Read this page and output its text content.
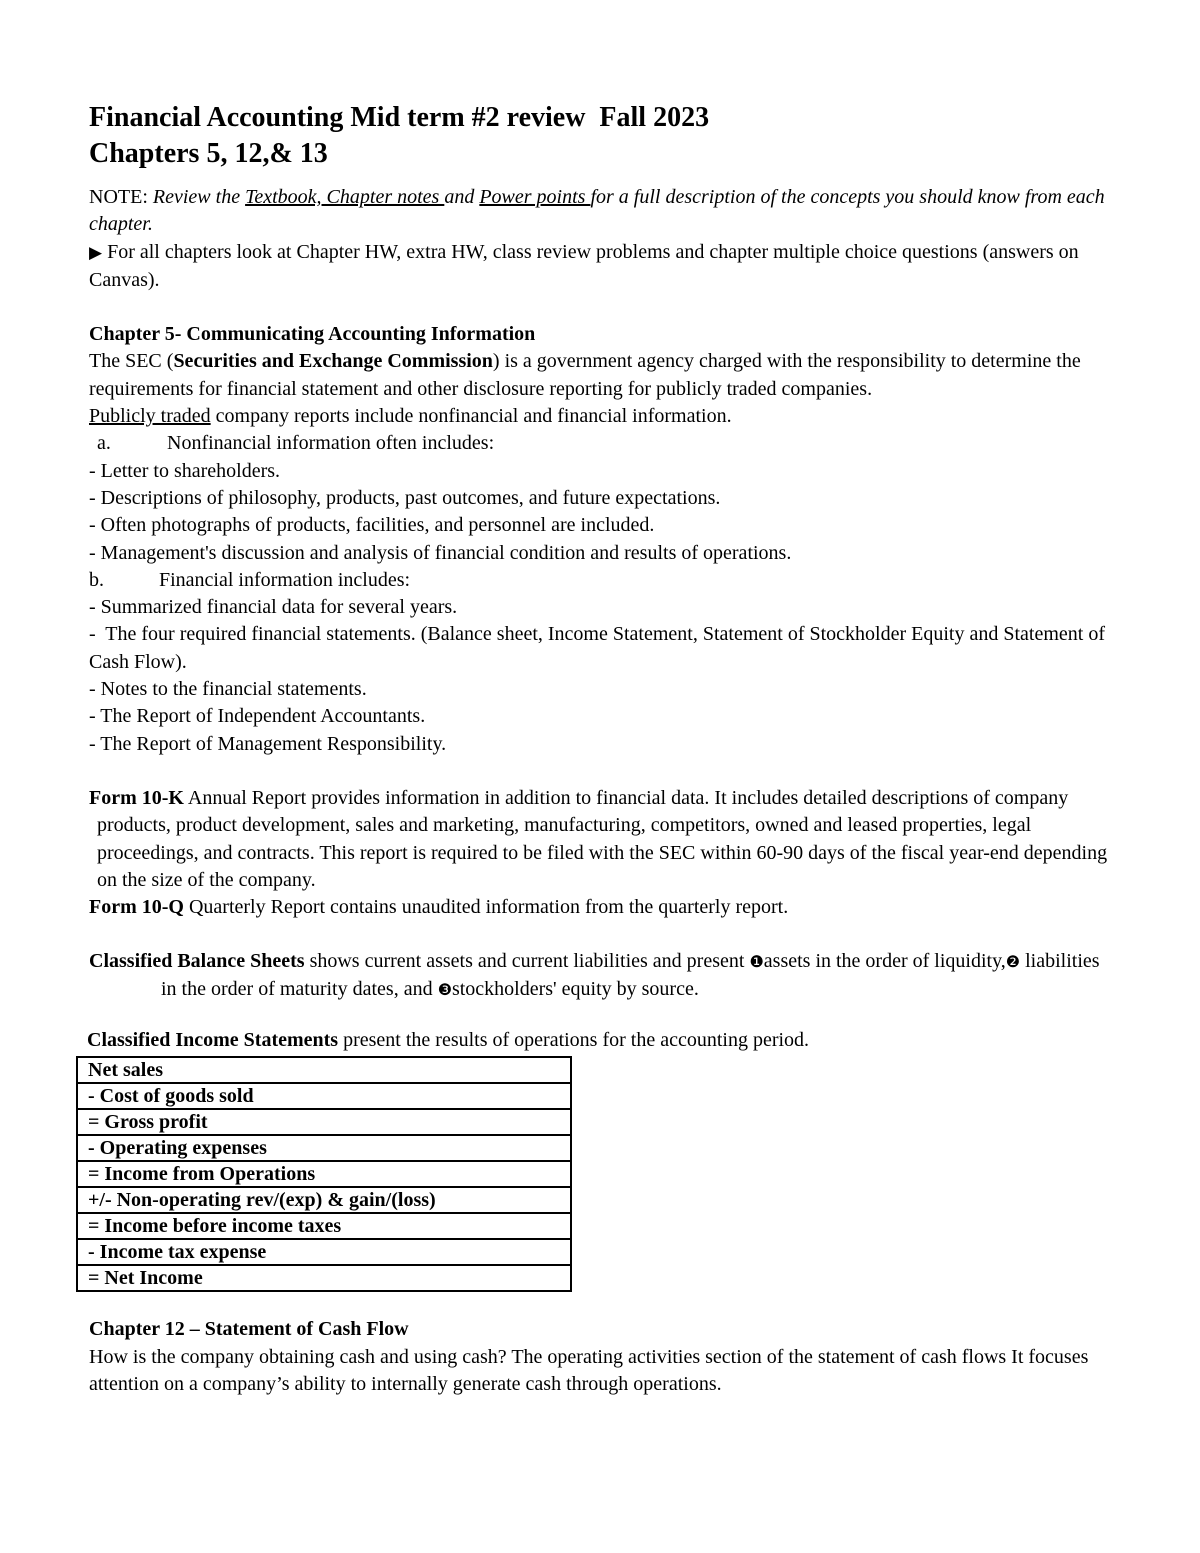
Financial Accounting Mid term #2 review  Fall 2023
Chapters 5, 12,& 13

NOTE: Review the Textbook, Chapter notes and Power points for a full description of the concepts you should know from each chapter.

▶ For all chapters look at Chapter HW, extra HW, class review problems and chapter multiple choice questions (answers on Canvas).

Chapter 5- Communicating Accounting Information

The SEC (Securities and Exchange Commission) is a government agency charged with the responsibility to determine the requirements for financial statement and other disclosure reporting for publicly traded companies.

Publicly traded company reports include nonfinancial and financial information.

a.	Nonfinancial information often includes:

- Letter to shareholders.

- Descriptions of philosophy, products, past outcomes, and future expectations.

- Often photographs of products, facilities, and personnel are included.

- Management's discussion and analysis of financial condition and results of operations.

b.	Financial information includes:

- Summarized financial data for several years.

-  The four required financial statements. (Balance sheet, Income Statement, Statement of Stockholder Equity and Statement of Cash Flow).

- Notes to the financial statements.

- The Report of Independent Accountants.

- The Report of Management Responsibility.

Form 10-K Annual Report provides information in addition to financial data. It includes detailed descriptions of company products, product development, sales and marketing, manufacturing, competitors, owned and leased properties, legal proceedings, and contracts. This report is required to be filed with the SEC within 60-90 days of the fiscal year-end depending on the size of the company.

Form 10-Q Quarterly Report contains unaudited information from the quarterly report.

Classified Balance Sheets shows current assets and current liabilities and present ❶assets in the order of liquidity,❷ liabilities in the order of maturity dates, and ❸stockholders' equity by source.

Classified Income Statements present the results of operations for the accounting period.

Net sales
- Cost of goods sold
= Gross profit
- Operating expenses
= Income from Operations
+/- Non-operating rev/(exp) & gain/(loss)
= Income before income taxes
- Income tax expense
= Net Income

Chapter 12 – Statement of Cash Flow

How is the company obtaining cash and using cash? The operating activities section of the statement of cash flows It focuses attention on a company’s ability to internally generate cash through operations.
